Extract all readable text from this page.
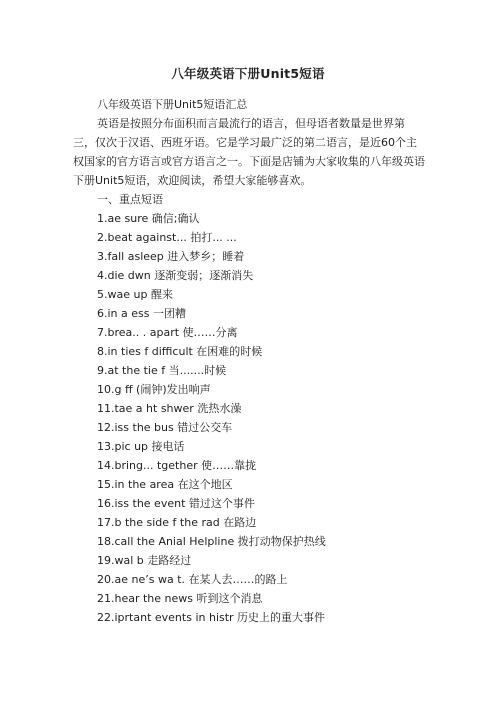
八年级英语下册Unit5短语
八年级英语下册Unit5短语汇总
英语是按照分布面积而言最流行的语言，但母语者数量是世界第三，仅次于汉语、西班牙语。它是学习最广泛的第二语言，是近60个主权国家的官方语言或官方语言之一。下面是店铺为大家收集的八年级英语下册Unit5短语，欢迎阅读，希望大家能够喜欢。
一、重点短语
1.ae sure 确信;确认
2.beat against... 拍打... ...
3.fall asleep 进入梦乡；睡着
4.die dwn 逐渐变弱；逐渐消失
5.wae up 醒来
6.in a ess 一团糟
7.brea.. . apart 使……分离
8.in ties f difficult 在困难的时候
9.at the tie f 当.......时候
10.g ff (闹钟)发出响声
11.tae a ht shwer 洗热水澡
12.iss the bus 错过公交车
13.pic up 接电话
14.bring... tgether 使……靠拢
15.in the area 在这个地区
16.iss the event 错过这个事件
17.b the side f the rad 在路边
18.call the Anial Helpline 拨打动物保护热线
19.wal b 走路经过
20.ae ne’s wa t. 在某人去……的路上
21.hear the news 听到这个消息
22.iprtant events in histr 历史上的重大事件
